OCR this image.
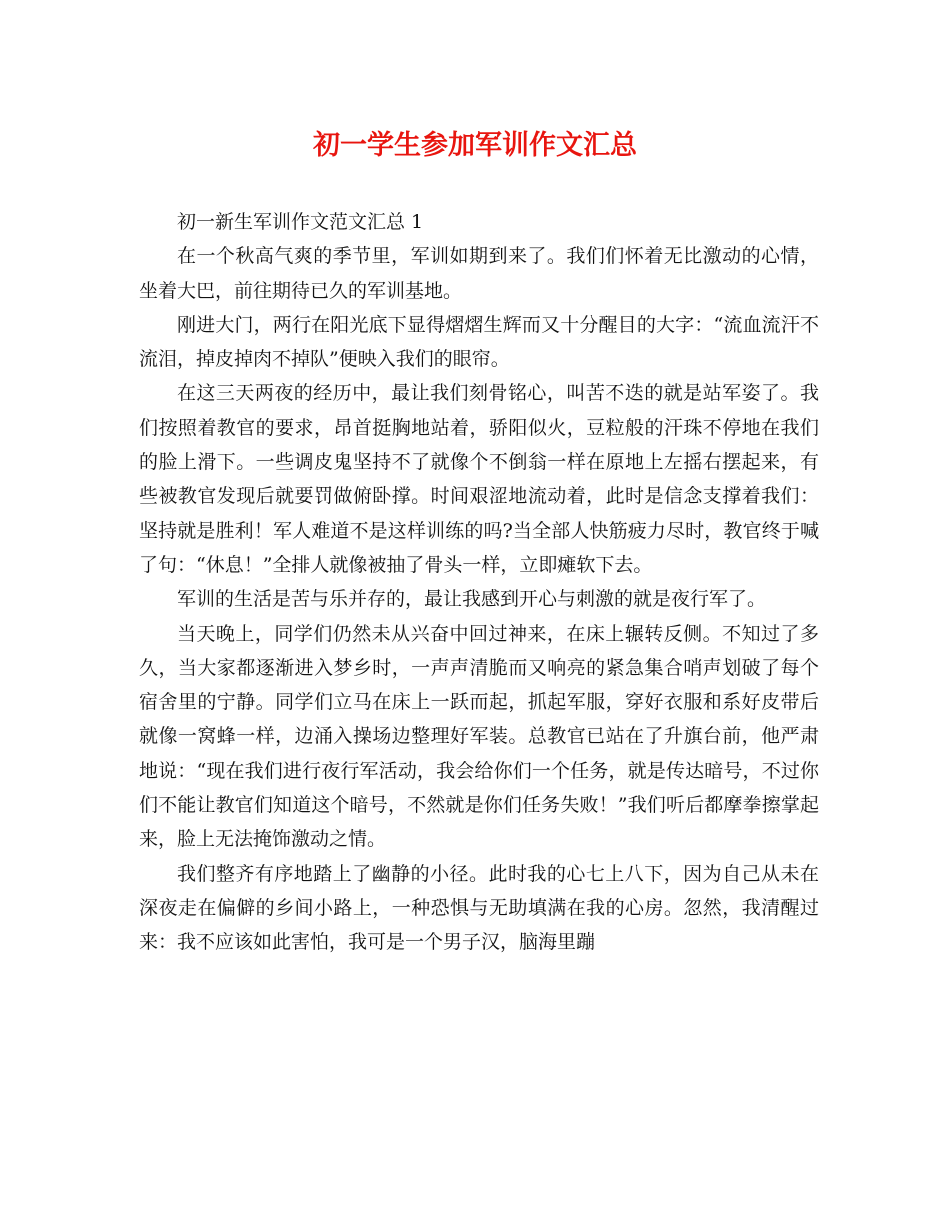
初一学生参加军训作文汇总

初一新生军训作文范文汇总 1

在一个秋高气爽的季节里，军训如期到来了。我们们怀着无比激动的心情，坐着大巴，前往期待已久的军训基地。

刚进大门，两行在阳光底下显得熠熠生辉而又十分醒目的大字：“流血流汗不流泪，掉皮掉肉不掉队”便映入我们的眼帘。

在这三天两夜的经历中，最让我们刻骨铭心，叫苦不迭的就是站军姿了。我们按照着教官的要求，昂首挺胸地站着，骄阳似火，豆粒般的汗珠不停地在我们的脸上滑下。一些调皮鬼坚持不了就像个不倒翁一样在原地上左摇右摆起来，有些被教官发现后就要罚做俯卧撑。时间艰涩地流动着，此时是信念支撑着我们：坚持就是胜利！军人难道不是这样训练的吗?当全部人快筋疲力尽时，教官终于喊了句：“休息！”全排人就像被抽了骨头一样，立即瘫软下去。

军训的生活是苦与乐并存的，最让我感到开心与刺激的就是夜行军了。

当天晚上，同学们仍然未从兴奋中回过神来，在床上辗转反侧。不知过了多久，当大家都逐渐进入梦乡时，一声声清脆而又响亮的紧急集合哨声划破了每个宿舍里的宁静。同学们立马在床上一跃而起，抓起军服，穿好衣服和系好皮带后就像一窝蜂一样，边涌入操场边整理好军装。总教官已站在了升旗台前，他严肃地说：“现在我们进行夜行军活动，我会给你们一个任务，就是传达暗号，不过你们不能让教官们知道这个暗号，不然就是你们任务失败！”我们听后都摩拳擦掌起来，脸上无法掩饰激动之情。

我们整齐有序地踏上了幽静的小径。此时我的心七上八下，因为自己从未在深夜走在偏僻的乡间小路上，一种恐惧与无助填满在我的心房。忽然，我清醒过来：我不应该如此害怕，我可是一个男子汉，脑海里蹦
